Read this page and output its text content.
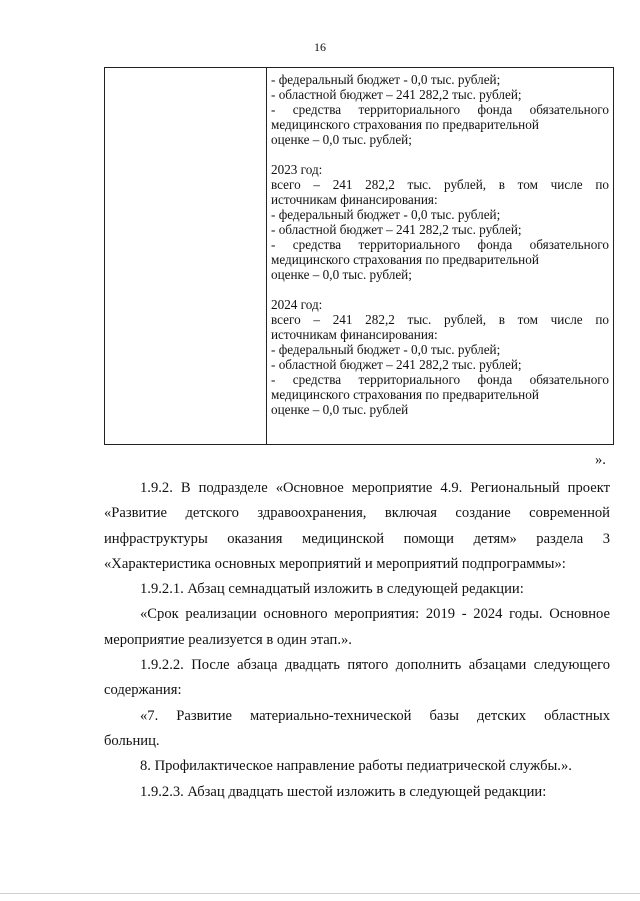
16
- федеральный бюджет - 0,0 тыс. рублей;
- областной бюджет – 241 282,2 тыс. рублей;
- средства территориального фонда обязательного
медицинского страхования по предварительной
оценке – 0,0 тыс. рублей;
2023 год:
всего – 241 282,2 тыс. рублей, в том числе по
источникам финансирования:
- федеральный бюджет - 0,0 тыс. рублей;
- областной бюджет – 241 282,2 тыс. рублей;
- средства территориального фонда обязательного
медицинского страхования по предварительной
оценке – 0,0 тыс. рублей;
2024 год:
всего – 241 282,2 тыс. рублей, в том числе по
источникам финансирования:
- федеральный бюджет - 0,0 тыс. рублей;
- областной бюджет – 241 282,2 тыс. рублей;
- средства территориального фонда обязательного
медицинского страхования по предварительной
оценке – 0,0 тыс. рублей
».
1.9.2. В подразделе «Основное мероприятие 4.9. Региональный проект
«Развитие детского здравоохранения, включая создание современной
инфраструктуры оказания медицинской помощи детям» раздела 3
«Характеристика основных мероприятий и мероприятий подпрограммы»:
1.9.2.1. Абзац семнадцатый изложить в следующей редакции:
«Срок реализации основного мероприятия: 2019 - 2024 годы. Основное
мероприятие реализуется в один этап.».
1.9.2.2. После абзаца двадцать пятого дополнить абзацами следующего
содержания:
«7. Развитие материально-технической базы детских областных
больниц.
8. Профилактическое направление работы педиатрической службы.».
1.9.2.3. Абзац двадцать шестой изложить в следующей редакции:
